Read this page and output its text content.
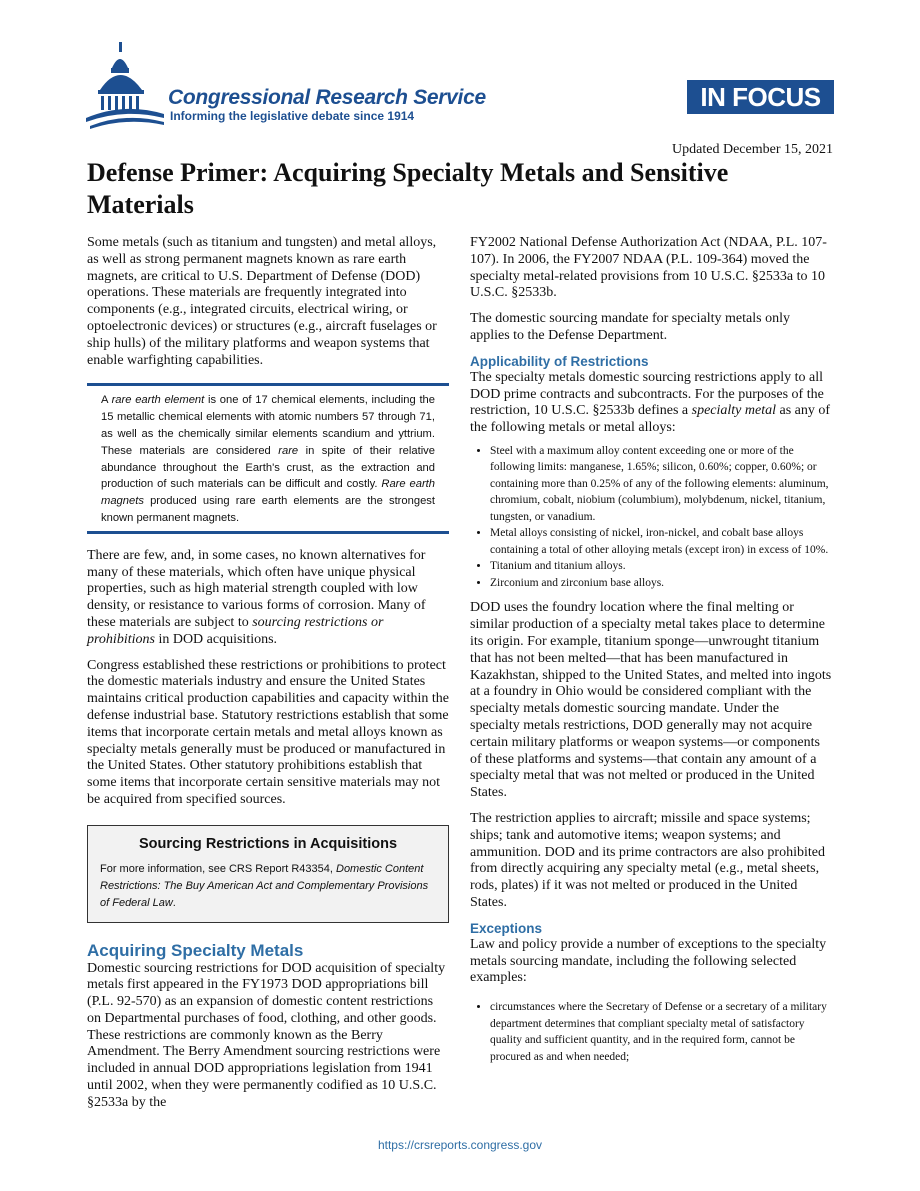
Congressional Research Service
Informing the legislative debate since 1914
IN FOCUS
Updated December 15, 2021
Defense Primer: Acquiring Specialty Metals and Sensitive Materials

Some metals (such as titanium and tungsten) and metal alloys, as well as strong permanent magnets known as rare earth magnets, are critical to U.S. Department of Defense (DOD) operations. These materials are frequently integrated into components (e.g., integrated circuits, electrical wiring, or optoelectronic devices) or structures (e.g., aircraft fuselages or ship hulls) of the military platforms and weapon systems that enable warfighting capabilities.

A rare earth element is one of 17 chemical elements, including the 15 metallic chemical elements with atomic numbers 57 through 71, as well as the chemically similar elements scandium and yttrium. These materials are considered rare in spite of their relative abundance throughout the Earth's crust, as the extraction and production of such materials can be difficult and costly. Rare earth magnets produced using rare earth elements are the strongest known permanent magnets.

There are few, and, in some cases, no known alternatives for many of these materials, which often have unique physical properties, such as high material strength coupled with low density, or resistance to various forms of corrosion. Many of these materials are subject to sourcing restrictions or prohibitions in DOD acquisitions.

Congress established these restrictions or prohibitions to protect the domestic materials industry and ensure the United States maintains critical production capabilities and capacity within the defense industrial base. Statutory restrictions establish that some items that incorporate certain metals and metal alloys known as specialty metals generally must be produced or manufactured in the United States. Other statutory prohibitions establish that some items that incorporate certain sensitive materials may not be acquired from specified sources.

Sourcing Restrictions in Acquisitions
For more information, see CRS Report R43354, Domestic Content Restrictions: The Buy American Act and Complementary Provisions of Federal Law.
Acquiring Specialty Metals

Domestic sourcing restrictions for DOD acquisition of specialty metals first appeared in the FY1973 DOD appropriations bill (P.L. 92-570) as an expansion of domestic content restrictions on Departmental purchases of food, clothing, and other goods. These restrictions are commonly known as the Berry Amendment. The Berry Amendment sourcing restrictions were included in annual DOD appropriations legislation from 1941 until 2002, when they were permanently codified as 10 U.S.C. §2533a by the

FY2002 National Defense Authorization Act (NDAA, P.L. 107-107). In 2006, the FY2007 NDAA (P.L. 109-364) moved the specialty metal-related provisions from 10 U.S.C. §2533a to 10 U.S.C. §2533b.

The domestic sourcing mandate for specialty metals only applies to the Defense Department.

Applicability of Restrictions

The specialty metals domestic sourcing restrictions apply to all DOD prime contracts and subcontracts. For the purposes of the restriction, 10 U.S.C. §2533b defines a specialty metal as any of the following metals or metal alloys:

• Steel with a maximum alloy content exceeding one or more of the following limits: manganese, 1.65%; silicon, 0.60%; copper, 0.60%; or containing more than 0.25% of any of the following elements: aluminum, chromium, cobalt, niobium (columbium), molybdenum, nickel, titanium, tungsten, or vanadium.
• Metal alloys consisting of nickel, iron-nickel, and cobalt base alloys containing a total of other alloying metals (except iron) in excess of 10%.
• Titanium and titanium alloys.
• Zirconium and zirconium base alloys.

DOD uses the foundry location where the final melting or similar production of a specialty metal takes place to determine its origin. For example, titanium sponge—unwrought titanium that has not been melted—that has been manufactured in Kazakhstan, shipped to the United States, and melted into ingots at a foundry in Ohio would be considered compliant with the specialty metals domestic sourcing mandate. Under the specialty metals restrictions, DOD generally may not acquire certain military platforms or weapon systems—or components of these platforms and systems—that contain any amount of a specialty metal that was not melted or produced in the United States.

The restriction applies to aircraft; missile and space systems; ships; tank and automotive items; weapon systems; and ammunition. DOD and its prime contractors are also prohibited from directly acquiring any specialty metal (e.g., metal sheets, rods, plates) if it was not melted or produced in the United States.

Exceptions

Law and policy provide a number of exceptions to the specialty metals sourcing mandate, including the following selected examples:

• circumstances where the Secretary of Defense or a secretary of a military department determines that compliant specialty metal of satisfactory quality and sufficient quantity, and in the required form, cannot be procured as and when needed;
https://crsreports.congress.gov
